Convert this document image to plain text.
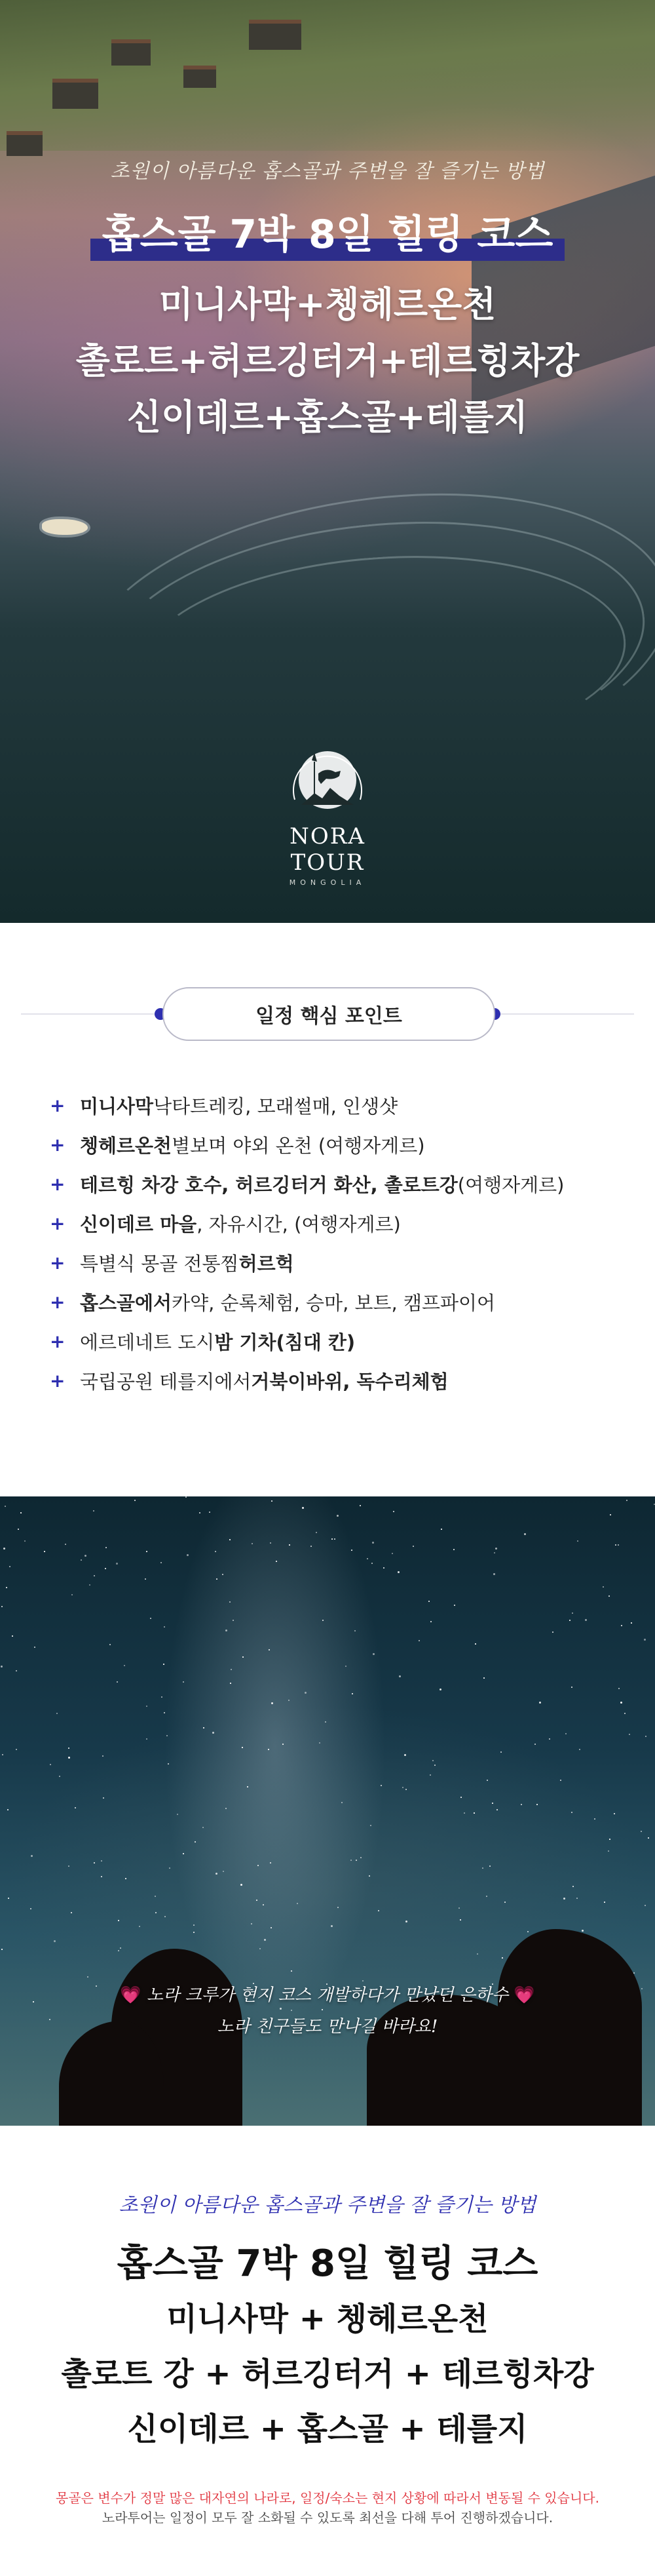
초원이 아름다운 홉스골과 주변을 잘 즐기는 방법
홉스골 7박 8일 힐링 코스
미니사막+쳉헤르온천
촐로트+허르깅터거+테르힝차강
신이데르+홉스골+테를지
NORA TOUR
MONGOLIA
일정 핵심 포인트
+ 미니사막 낙타트레킹, 모래썰매, 인생샷
+ 쳉헤르온천 별보며 야외 온천 (여행자게르)
+ 테르힝 차강 호수, 허르깅터거 화산, 촐로트강 (여행자게르)
+ 신이데르 마을 , 자유시간, (여행자게르)
+ 특별식 몽골 전통찜 허르헉
+ 홉스골에서 카약, 순록체험, 승마, 보트, 캠프파이어
+ 에르데네트 도시 밤 기차(침대 칸)
+ 국립공원 테를지에서 거북이바위, 독수리체험
💗 노라 크루가 현지 코스 개발하다가 만났던 은하수 💗
노라 친구들도 만나길 바라요!
초원이 아름다운 홉스골과 주변을 잘 즐기는 방법
홉스골 7박 8일 힐링 코스
미니사막 + 쳉헤르온천
촐로트 강 + 허르깅터거 + 테르힝차강
신이데르 + 홉스골 + 테를지
몽골은 변수가 정말 많은 대자연의 나라로, 일정/숙소는 현지 상황에 따라서 변동될 수 있습니다.
노라투어는 일정이 모두 잘 소화될 수 있도록 최선을 다해 투어 진행하겠습니다.
